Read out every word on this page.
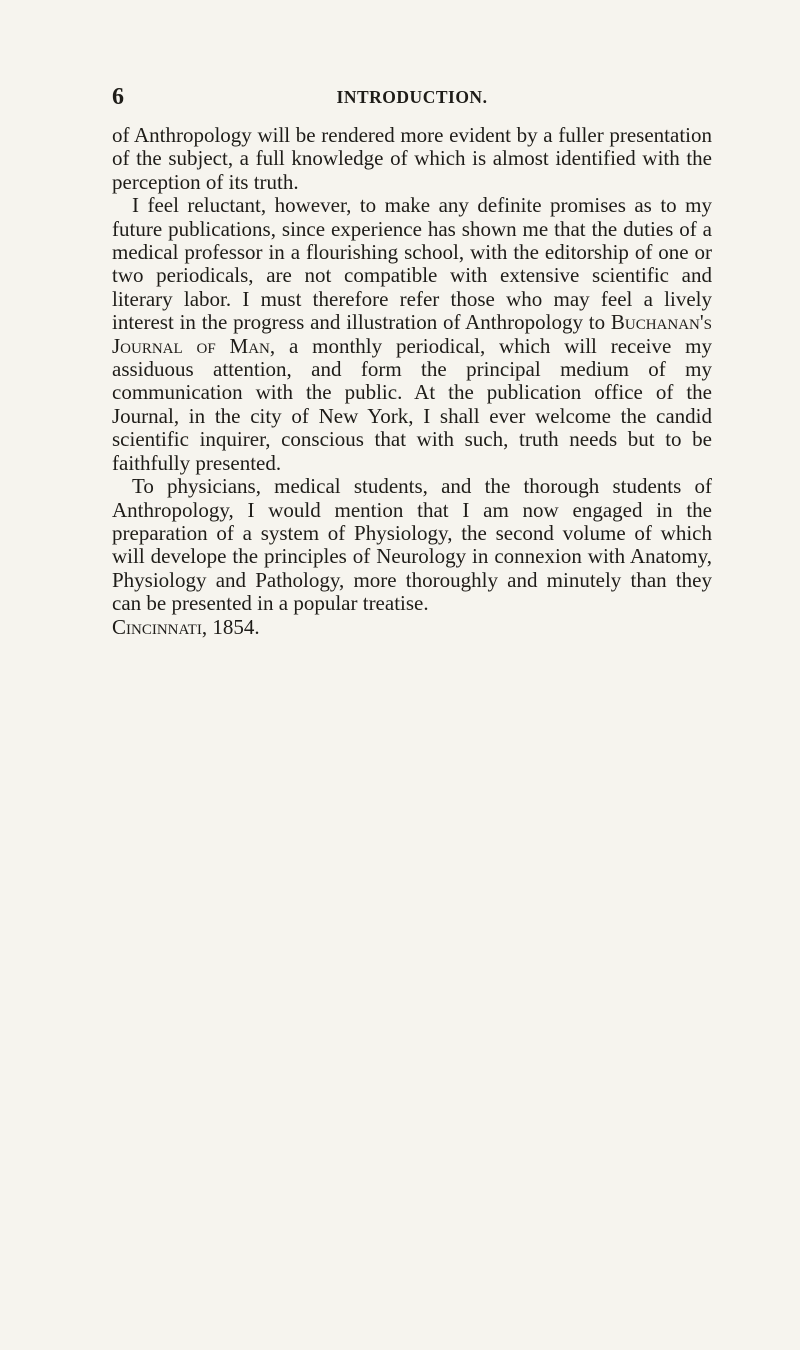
6	INTRODUCTION.

of Anthropology will be rendered more evident by a fuller presentation of the subject, a full knowledge of which is almost identified with the perception of its truth.

I feel reluctant, however, to make any definite promises as to my future publications, since experience has shown me that the duties of a medical professor in a flourishing school, with the editorship of one or two periodicals, are not compatible with extensive scientific and literary labor. I must therefore refer those who may feel a lively interest in the progress and illustration of Anthropology to Buchanan's Journal of Man, a monthly periodical, which will receive my assiduous attention, and form the principal medium of my communication with the public. At the publication office of the Journal, in the city of New York, I shall ever welcome the candid scientific inquirer, conscious that with such, truth needs but to be faithfully presented.

To physicians, medical students, and the thorough students of Anthropology, I would mention that I am now engaged in the preparation of a system of Physiology, the second volume of which will develope the principles of Neurology in connexion with Anatomy, Physiology and Pathology, more thoroughly and minutely than they can be presented in a popular treatise.

Cincinnati, 1854.
